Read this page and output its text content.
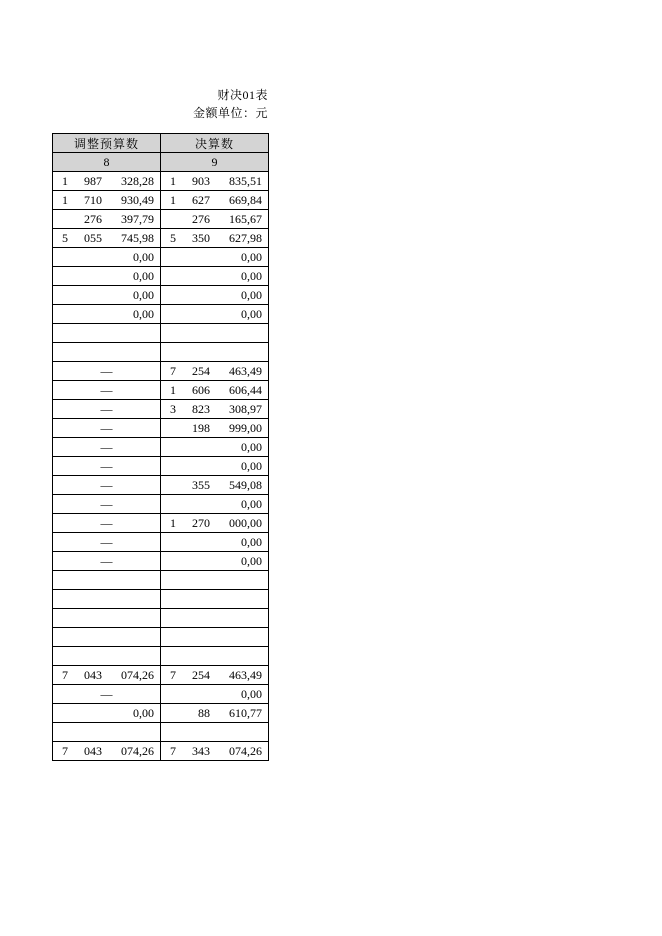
财决01表
金额单位：元
调整预算数	决算数
8	9

1 987 328,28	1 903 835,51

1 710 930,49	1 627 669,84

276 397,79	276 165,67

5 055 745,98	5 350 627,98

0,00	0,00

0,00	0,00

0,00	0,00

0,00	0,00

—	7 254 463,49

—	1 606 606,44

—	3 823 308,97

—	198 999,00

—	0,00

—	0,00

—	355 549,08

—	0,00

—	1 270 000,00

—	0,00

—	0,00

7 043 074,26	7 254 463,49

—	0,00

0,00	88 610,77

7 043 074,26	7 343 074,26
